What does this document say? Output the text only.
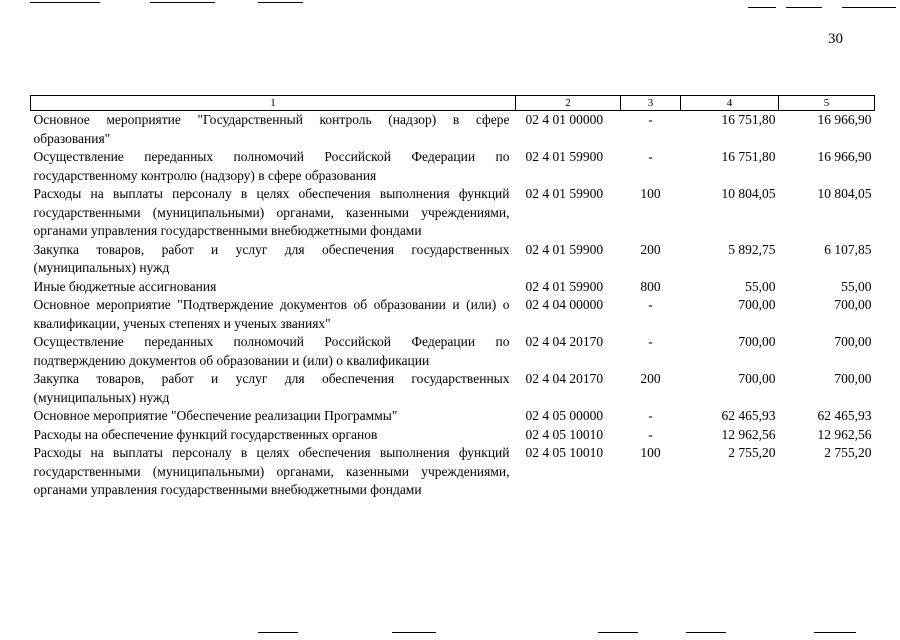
30
1	2	3	4	5
Основное мероприятие "Государственный контроль (надзор) в сфере образования"	02 4 01 00000	-	16 751,80	16 966,90
Осуществление переданных полномочий Российской Федерации по государственному контролю (надзору) в сфере образования	02 4 01 59900	-	16 751,80	16 966,90
Расходы на выплаты персоналу в целях обеспечения выполнения функций государственными (муниципальными) органами, казенными учреждениями, органами управления государственными внебюджетными фондами	02 4 01 59900	100	10 804,05	10 804,05
Закупка товаров, работ и услуг для обеспечения государственных (муниципальных) нужд	02 4 01 59900	200	5 892,75	6 107,85
Иные бюджетные ассигнования	02 4 01 59900	800	55,00	55,00
Основное мероприятие "Подтверждение документов об образовании и (или) о квалификации, ученых степенях и ученых званиях"	02 4 04 00000	-	700,00	700,00
Осуществление переданных полномочий Российской Федерации по подтверждению документов об образовании и (или) о квалификации	02 4 04 20170	-	700,00	700,00
Закупка товаров, работ и услуг для обеспечения государственных (муниципальных) нужд	02 4 04 20170	200	700,00	700,00
Основное мероприятие "Обеспечение реализации Программы"	02 4 05 00000	-	62 465,93	62 465,93
Расходы на обеспечение функций государственных органов	02 4 05 10010	-	12 962,56	12 962,56
Расходы на выплаты персоналу в целях обеспечения выполнения функций государственными (муниципальными) органами, казенными учреждениями, органами управления государственными внебюджетными фондами	02 4 05 10010	100	2 755,20	2 755,20
